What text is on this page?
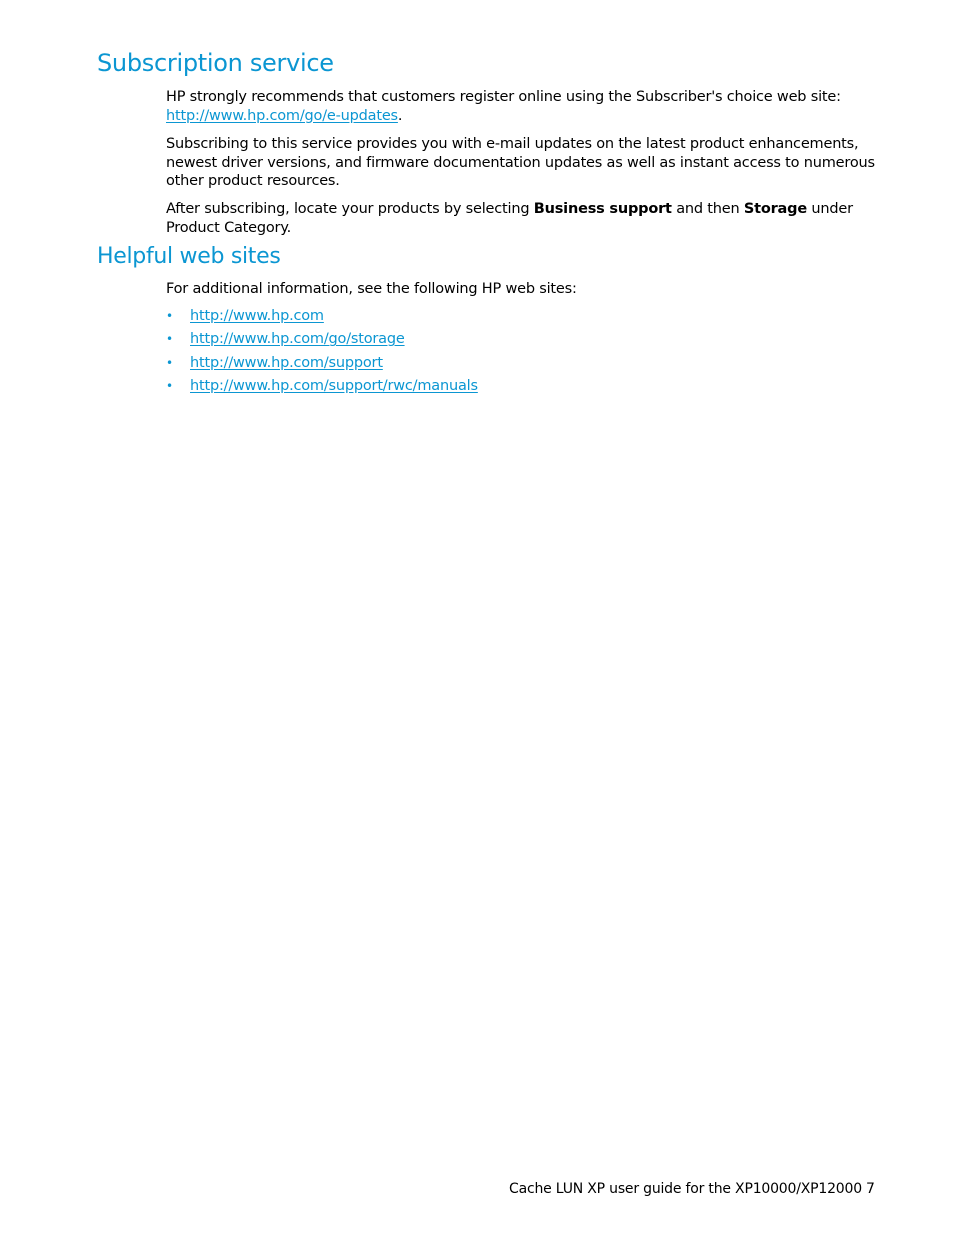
Subscription service

HP strongly recommends that customers register online using the Subscriber's choice web site:
http://www.hp.com/go/e-updates.

Subscribing to this service provides you with e-mail updates on the latest product enhancements, newest driver versions, and firmware documentation updates as well as instant access to numerous other product resources.

After subscribing, locate your products by selecting Business support and then Storage under Product Category.

Helpful web sites

For additional information, see the following HP web sites:

• http://www.hp.com
• http://www.hp.com/go/storage
• http://www.hp.com/support
• http://www.hp.com/support/rwc/manuals
Cache LUN XP user guide for the XP10000/XP12000 7
